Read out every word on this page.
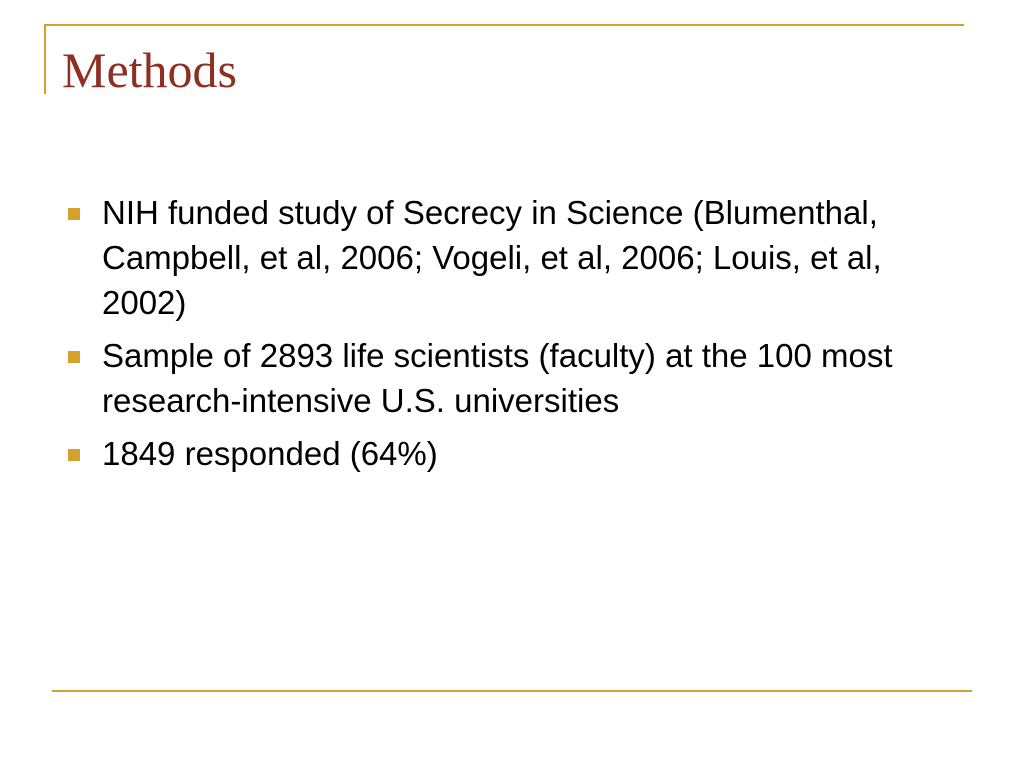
Methods
NIH funded study of Secrecy in Science (Blumenthal, Campbell, et al, 2006; Vogeli, et al, 2006; Louis, et al, 2002)
Sample of 2893 life scientists (faculty) at the 100 most research-intensive U.S. universities
1849 responded (64%)
